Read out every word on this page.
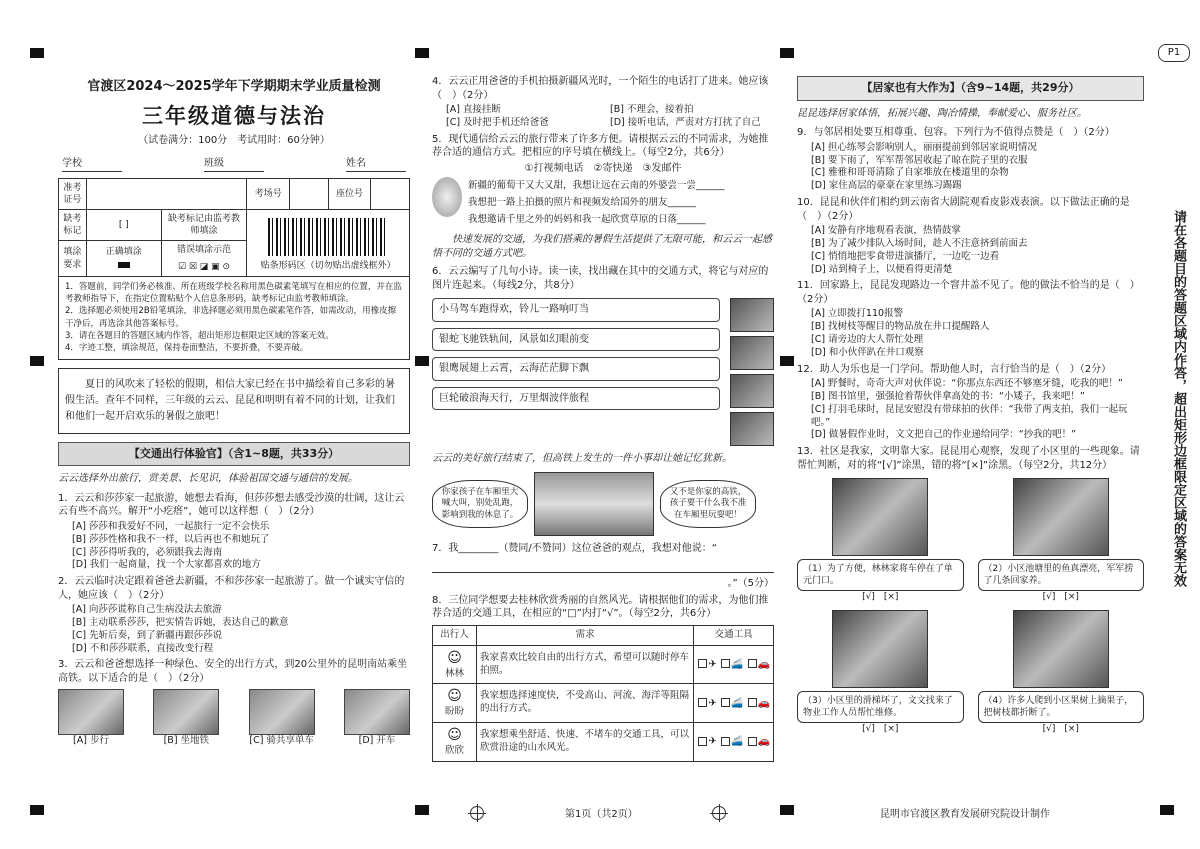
P1
官渡区2024～2025学年下学期期末学业质量检测
三年级道德与法治
（试卷满分：100分　考试用时：60分钟）
学校	班级	姓名
准考证号			考场号		座位号	
缺考标记	[ ]	缺考标记由监考教师填涂	贴条形码区（切勿贴出虚线框外）			

填涂要求	正确填涂	错误填涂示范
☑ ☒ ◪ ▣ ⊙				
1．答题前，同学们务必核准、所在班级学校名称用黑色碳素笔填写在相应的位置，并在监考教师指导下，在指定位置粘贴个人信息条形码，缺考标记由监考教师填涂。
2．选择题必须使用2B铅笔填涂，非选择题必须用黑色碳素笔作答，如需改动，用橡皮擦干净后，再选涂其他答案标号。
3．请在各题目的答题区域内作答，超出矩形边框限定区域的答案无效。
4．字迹工整，填涂规范，保持卷面整洁，不要折叠，不要弄破。
夏日的风吹来了轻松的假期，相信大家已经在书中描绘着自己多彩的暑假生活。查年不同样，三年级的云云、昆昆和明明有着不同的计划，让我们和他们一起开启欢乐的暑假之旅吧！
【交通出行体验官】（含1~8题，共33分）
云云选择外出旅行，赏美景、长见识，体验祖国交通与通信的发展。
1．云云和莎莎家一起旅游，她想去看海，但莎莎想去感受沙漠的壮阔，这让云云有些不高兴。解开“小疙瘩”，她可以这样想（　）（2分）
[A] 莎莎和我爱好不同，一起旅行一定不会快乐
[B] 莎莎性格和我不一样，以后再也不和她玩了
[C] 莎莎得听我的，必须跟我去海南
[D] 我们一起商量，找一个大家都喜欢的地方
2．云云临时决定跟着爸爸去新疆，不和莎莎家一起旅游了。做一个诚实守信的人，她应该（　）（2分）
[A] 向莎莎谎称自己生病没法去旅游
[B] 主动联系莎莎，把实情告诉她，表达自己的歉意
[C] 先斩后奏，到了新疆再跟莎莎说
[D] 不和莎莎联系，直接改变行程
3．云云和爸爸想选择一种绿色、安全的出行方式，到20公里外的昆明南站乘坐高铁。以下适合的是（　）（2分）
[A] 步行	[B] 坐地铁	[C] 骑共享单车	[D] 开车
4．云云正用爸爸的手机拍摄新疆风光时，一个陌生的电话打了进来。她应该（　）（2分）
[A] 直接挂断	[B] 不理会，接着拍
[C] 及时把手机还给爸爸	[D] 接听电话，严责对方打扰了自己
5．现代通信给云云的旅行带来了许多方便。请根据云云的不同需求，为她推荐合适的通信方式。把相应的序号填在横线上。（每空2分，共6分）
①打视频电话　②寄快递　③发邮件
新疆的葡萄干又大又甜，我想让远在云南的外婆尝一尝______
我想把一路上拍摄的照片和视频发给国外的朋友______
我想邀请千里之外的妈妈和我一起欣赏草原的日落______
快速发展的交通，为我们搭乘的暑假生活提供了无限可能，和云云一起感悟不同的交通方式吧。
6．云云编写了几句小诗。读一读，找出藏在其中的交通方式，将它与对应的图片连起来。（每线2分，共8分）
小马驾车跑得欢，铃儿一路响叮当
银蛇飞驰铁轨间，风景如幻眼前变
银鹰展翅上云霄，云海茫茫脚下飘
巨轮破浪海天行，万里烟波伴旅程
云云的美好旅行结束了，但高铁上发生的一件小事却让她记忆犹新。
你家孩子在车厢里大喊大叫，别处乱跑，影响到我的休息了。
又不是你家的高铁，孩子要干什么我不准在车厢里玩耍吧！
7．我________（赞同/不赞同）这位爸爸的观点，我想对他说：“
。”（5分）
8．三位同学想要去桂林欣赏秀丽的自然风光。请根据他们的需求，为他们推荐合适的交通工具，在相应的“□”内打“√”。（每空2分，共6分）
出行人	需求	交通工具

☺
林林	我家喜欢比较自由的出行方式，希望可以随时停车拍照。	✈ 🚄 🚗

☺
盼盼	我家想选择速度快，不受高山、河流、海洋等阻隔的出行方式。	✈ 🚄 🚗

☺
欣欣	我家想乘坐舒适、快速、不堵车的交通工具，可以欣赏沿途的山水风光。	✈ 🚄 🚗
【居家也有大作为】（含9~14题，共29分）
昆昆选择居家体悟，拓展兴趣、陶冶情操，奉献爱心、服务社区。
9．与邻居相处要互相尊重、包容。下列行为不值得点赞是（　）（2分）
[A] 担心练琴会影响别人，丽丽提前到邻居家说明情况
[B] 要下雨了，军军帮邻居收起了晾在院子里的衣服
[C] 雅雅和哥哥清除了自家堆放在楼道里的杂物
[D] 家住高层的豪豪在家里练习踢踢
10．昆昆和伙伴们相约到云南省大剧院观看皮影戏表演。以下做法正确的是（　）（2分）
[A] 安静有序地观看表演，热情鼓掌
[B] 为了减少排队入场时间，趁人不注意挤到前面去
[C] 悄悄地把零食带进演播厅，一边吃一边看
[D] 站到椅子上，以便看得更清楚
11．回家路上，昆昆发现路边一个窨井盖不见了。他的做法不恰当的是（　）（2分）
[A] 立即拨打110报警
[B] 找树枝等醒目的物品放在井口提醒路人
[C] 请旁边的大人帮忙处理
[D] 和小伙伴趴在井口观察
12．助人为乐也是一门学问。帮助他人时，言行恰当的是（　）（2分）
[A] 野餐时，奇奇大声对伙伴说：“你那点东西还不够塞牙缝，吃我的吧！”
[B] 图书馆里，强强抢着帮伙伴拿高处的书：“小矮子，我来吧！”
[C] 打羽毛球时，昆昆安慰没有带球拍的伙伴：“我带了两支拍，我们一起玩吧。”
[D] 做暑假作业时，文文把自己的作业递给同学：“抄我的吧！”
13．社区是我家，文明靠大家。昆昆用心观察，发现了小区里的一些现象。请帮忙判断，对的将“[√]”涂黑，错的将“[×]”涂黑。（每空2分，共12分）
（1）为了方便，林林家将车停在了单元门口。
[√]　[×]
（2）小区池塘里的鱼真漂亮，军军捞了几条回家养。
[√]　[×]
（3）小区里的滑梯坏了，文文找来了物业工作人员帮忙维修。
[√]　[×]
（4）许多人爬到小区果树上摘果子，把树枝都折断了。
[√]　[×]
请在各题目的答题区域内作答，超出矩形边框限定区域的答案无效
第1页（共2页）	昆明市官渡区教育发展研究院设计制作
